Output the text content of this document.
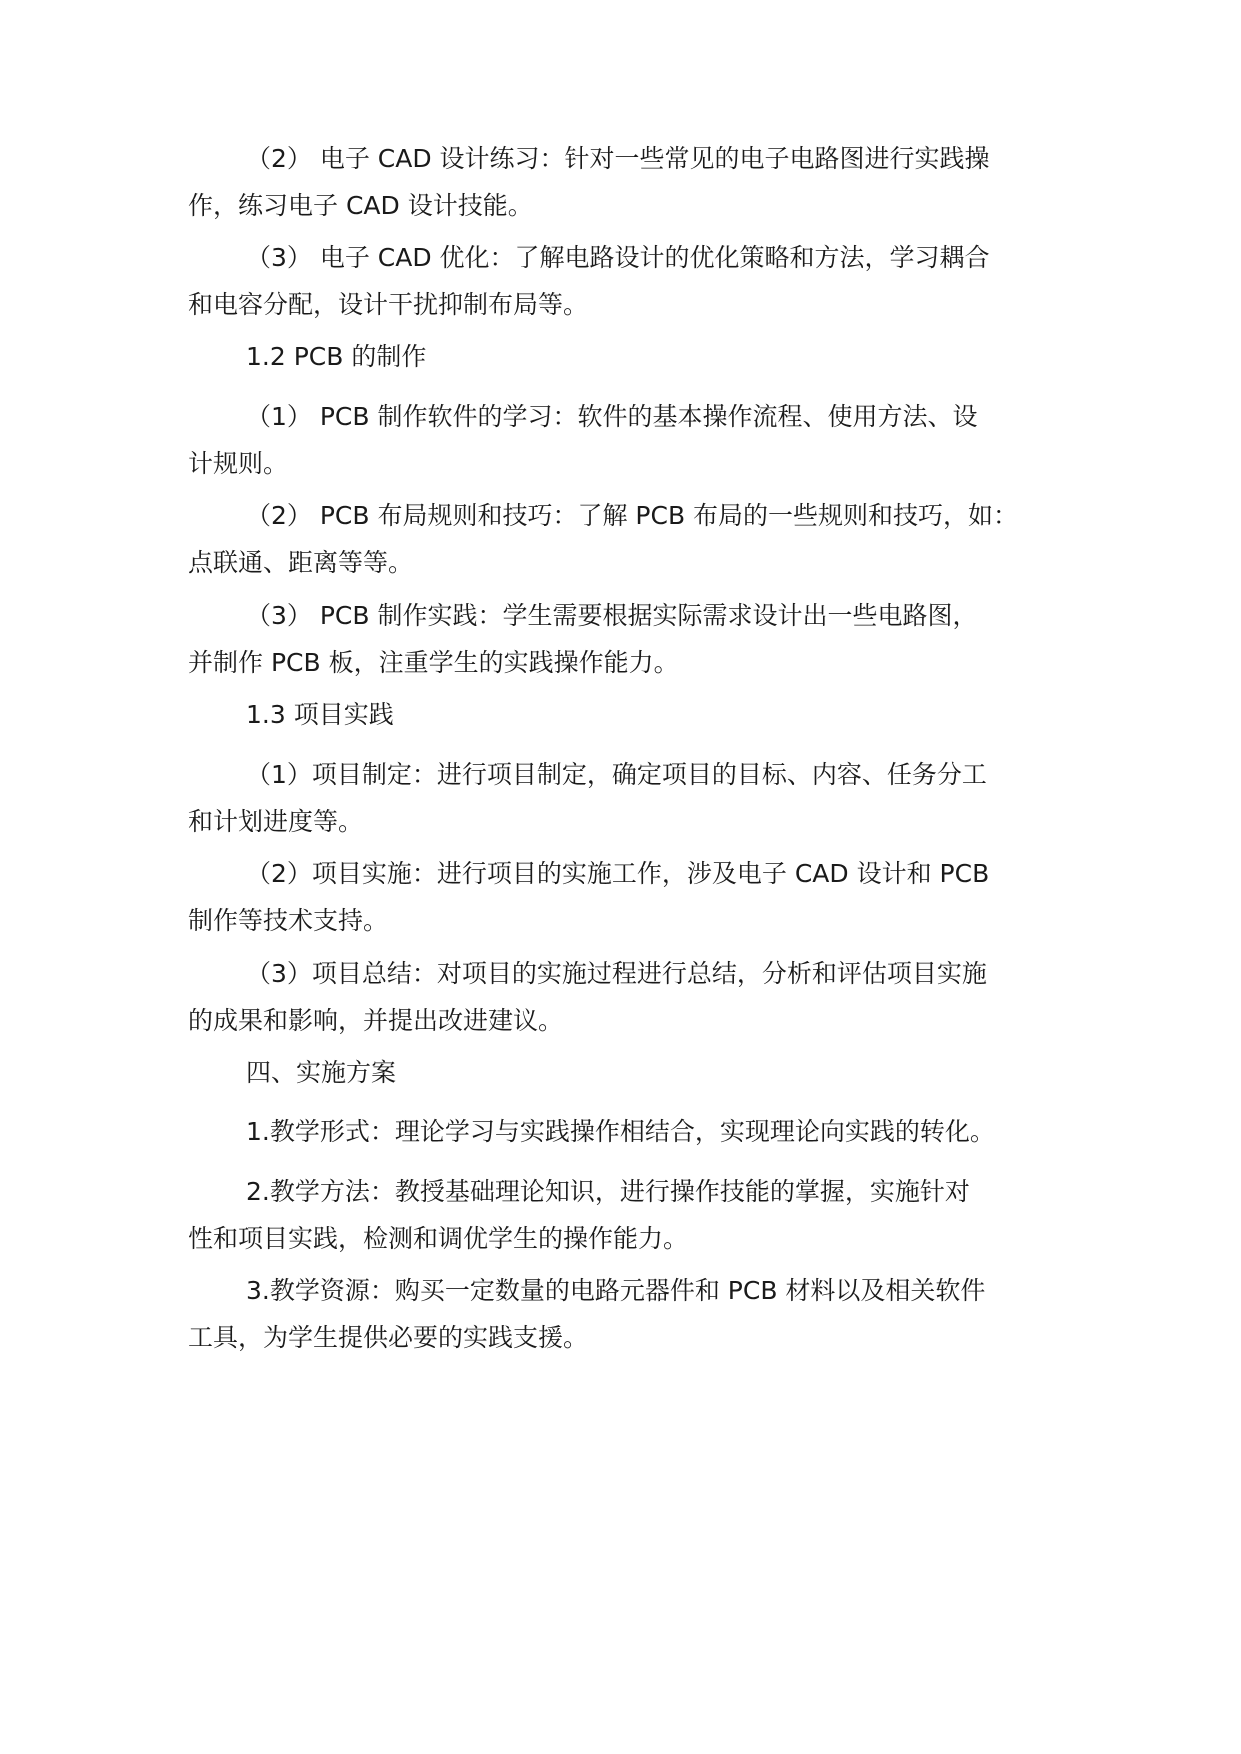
（2） 电子 CAD 设计练习：针对一些常见的电子电路图进行实践操
作，练习电子 CAD 设计技能。

（3） 电子 CAD 优化：了解电路设计的优化策略和方法，学习耦合
和电容分配，设计干扰抑制布局等。

1.2 PCB 的制作

（1） PCB 制作软件的学习：软件的基本操作流程、使用方法、设
计规则。

（2） PCB 布局规则和技巧：了解 PCB 布局的一些规则和技巧，如：
点联通、距离等等。

（3） PCB 制作实践：学生需要根据实际需求设计出一些电路图，
并制作 PCB 板，注重学生的实践操作能力。

1.3 项目实践

（1）项目制定：进行项目制定，确定项目的目标、内容、任务分工
和计划进度等。

（2）项目实施：进行项目的实施工作，涉及电子 CAD 设计和 PCB
制作等技术支持。

（3）项目总结：对项目的实施过程进行总结，分析和评估项目实施
的成果和影响，并提出改进建议。

四、实施方案

1.教学形式：理论学习与实践操作相结合，实现理论向实践的转化。

2.教学方法：教授基础理论知识，进行操作技能的掌握，实施针对
性和项目实践，检测和调优学生的操作能力。

3.教学资源：购买一定数量的电路元器件和 PCB 材料以及相关软件
工具，为学生提供必要的实践支援。
